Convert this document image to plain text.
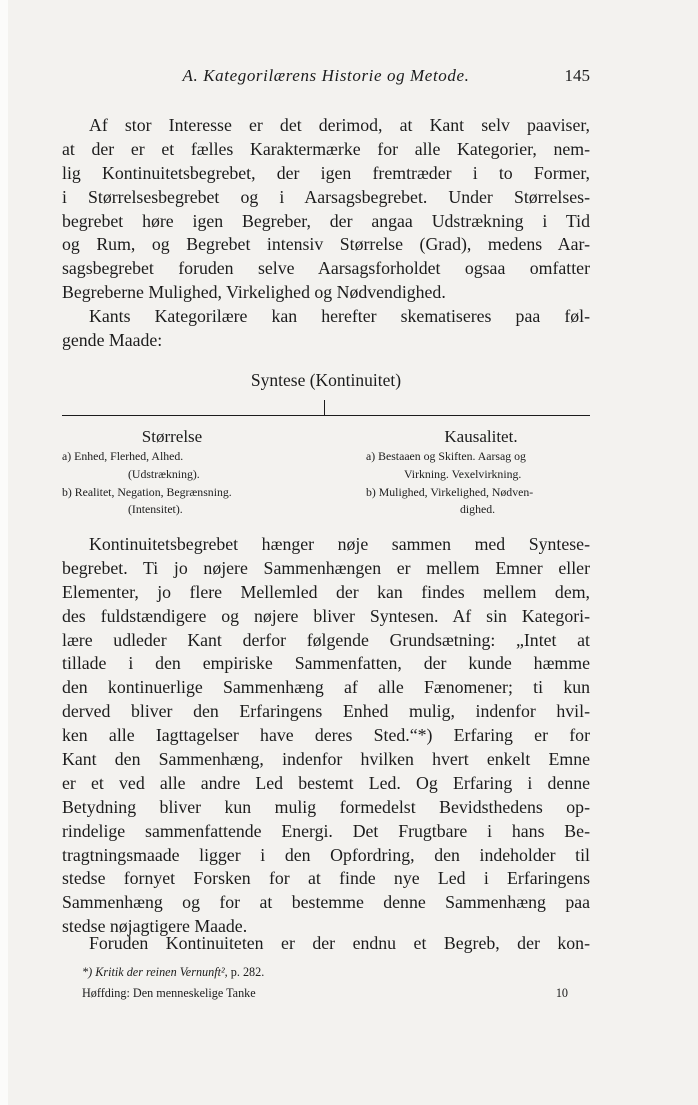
A. Kategorilærens Historie og Metode.	145

Af stor Interesse er det derimod, at Kant selv paaviser,
at der er et fælles Karaktermærke for alle Kategorier, nem-
lig Kontinuitetsbegrebet, der igen fremtræder i to Former,
i Størrelsesbegrebet og i Aarsagsbegrebet. Under Størrelses-
begrebet høre igen Begreber, der angaa Udstrækning i Tid
og Rum, og Begrebet intensiv Størrelse (Grad), medens Aar-
sagsbegrebet foruden selve Aarsagsforholdet ogsaa omfatter
Begreberne Mulighed, Virkelighed og Nødvendighed.

Kants Kategorilære kan herefter skematiseres paa føl-
gende Maade:

Syntese (Kontinuitet)
Størrelse
a) Enhed, Flerhed, Alhed.
(Udstrækning).
b) Realitet, Negation, Begrænsning.
(Intensitet).
Kausalitet.
a) Bestaaen og Skiften. Aarsag og
Virkning. Vexelvirkning.
b) Mulighed, Virkelighed, Nødven-
dighed.

Kontinuitetsbegrebet hænger nøje sammen med Syntese-
begrebet. Ti jo nøjere Sammenhængen er mellem Emner eller
Elementer, jo flere Mellemled der kan findes mellem dem,
des fuldstændigere og nøjere bliver Syntesen. Af sin Kategori-
lære udleder Kant derfor følgende Grundsætning: „Intet at
tillade i den empiriske Sammenfatten, der kunde hæmme
den kontinuerlige Sammenhæng af alle Fænomener; ti kun
derved bliver den Erfaringens Enhed mulig, indenfor hvil-
ken alle Iagttagelser have deres Sted.“*) Erfaring er for
Kant den Sammenhæng, indenfor hvilken hvert enkelt Emne
er et ved alle andre Led bestemt Led. Og Erfaring i denne
Betydning bliver kun mulig formedelst Bevidsthedens op-
rindelige sammenfattende Energi. Det Frugtbare i hans Be-
tragtningsmaade ligger i den Opfordring, den indeholder til
stedse fornyet Forsken for at finde nye Led i Erfaringens
Sammenhæng og for at bestemme denne Sammenhæng paa
stedse nøjagtigere Maade.

Foruden Kontinuiteten er der endnu et Begreb, der kon-

*) Kritik der reinen Vernunft², p. 282.
Høffding: Den menneskelige Tanke	10
